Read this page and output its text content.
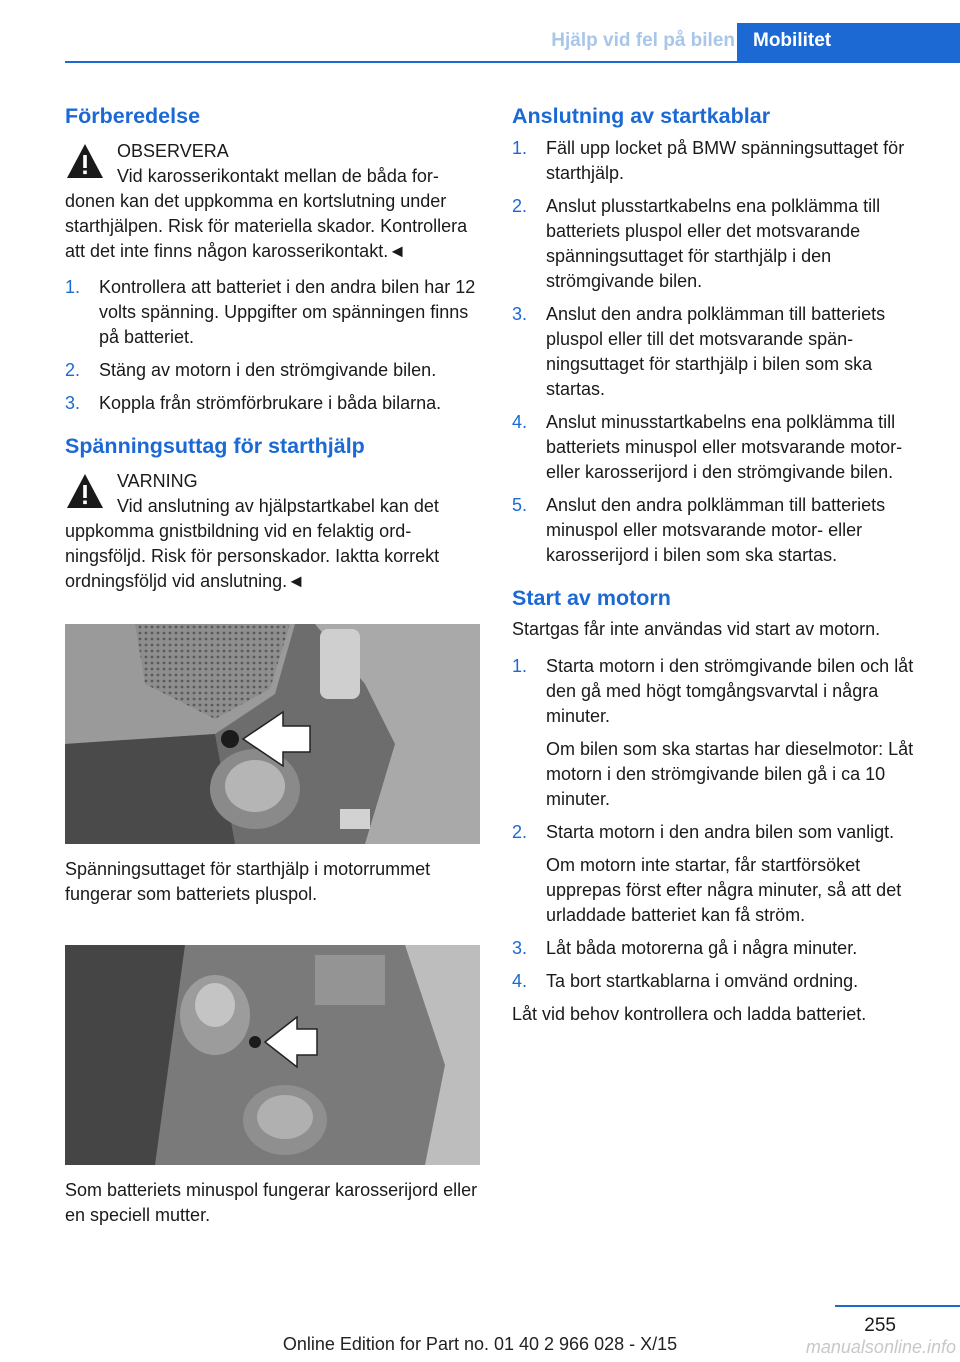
Hjälp vid fel på bilen Mobilitet
Förberedelse
OBSERVERA

Vid karosserikontakt mellan de båda fordonen kan det uppkomma en kortslutning under starthjälpen. Risk för materiella skador. Kontrollera att det inte finns någon karosserikontakt.◄

1. Kontrollera att batteriet i den andra bilen har 12 volts spänning. Uppgifter om spänningen finns på batteriet.
2. Stäng av motorn i den strömgivande bilen.
3. Koppla från strömförbrukare i båda bilarna.
Spänningsuttag för starthjälp
VARNING

Vid anslutning av hjälpstartkabel kan det uppkomma gnistbildning vid en felaktig ordningsföljd. Risk för personskador. Iaktta korrekt ordningsföljd vid anslutning.◄

Spänningsuttaget för starthjälp i motorrummet fungerar som batteriets pluspol.

Som batteriets minuspol fungerar karosserijord eller en speciell mutter.

Anslutning av startkablar
1. Fäll upp locket på BMW spänningsuttaget för starthjälp.
2. Anslut plusstartkabelns ena polklämma till batteriets pluspol eller det motsvarande spänningsuttaget för starthjälp i den strömgivande bilen.
3. Anslut den andra polklämman till batteriets pluspol eller till det motsvarande spänningsuttaget för starthjälp i bilen som ska startas.
4. Anslut minusstartkabelns ena polklämma till batteriets minuspol eller motsvarande motor- eller karosserijord i den strömgivande bilen.
5. Anslut den andra polklämman till batteriets minuspol eller motsvarande motor- eller karosserijord i bilen som ska startas.
Start av motorn

Startgas får inte användas vid start av motorn.

1. Starta motorn i den strömgivande bilen och låt den gå med högt tomgångsvarvtal i några minuter.
Om bilen som ska startas har dieselmotor: Låt motorn i den strömgivande bilen gå i ca 10 minuter.
2. Starta motorn i den andra bilen som vanligt.
Om motorn inte startar, får startförsöket upprepas först efter några minuter, så att det urladdade batteriet kan få ström.
3. Låt båda motorerna gå i några minuter.
4. Ta bort startkablarna i omvänd ordning.

Låt vid behov kontrollera och ladda batteriet.

255
Online Edition for Part no. 01 40 2 966 028 - X/15	manualsonline.info
